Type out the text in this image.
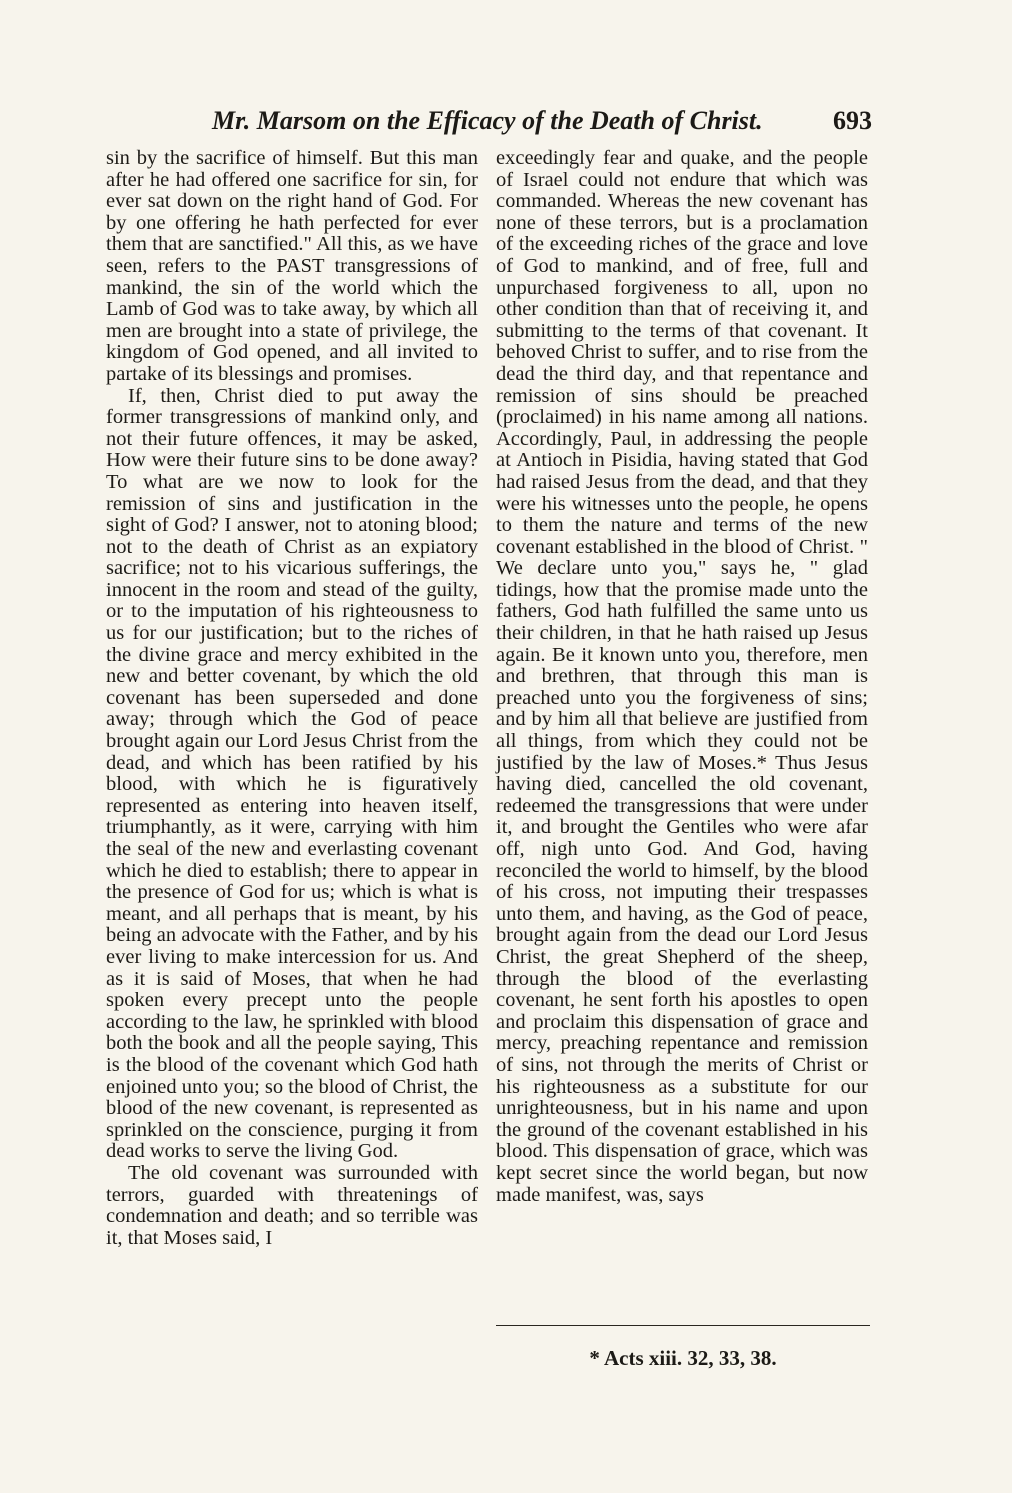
Mr. Marsom on the Efficacy of the Death of Christ.	693

sin by the sacrifice of himself. But this man after he had offered one sacrifice for sin, for ever sat down on the right hand of God. For by one offering he hath perfected for ever them that are sanctified." All this, as we have seen, refers to the PAST transgressions of mankind, the sin of the world which the Lamb of God was to take away, by which all men are brought into a state of privilege, the kingdom of God opened, and all invited to partake of its blessings and promises.

If, then, Christ died to put away the former transgressions of mankind only, and not their future offences, it may be asked, How were their future sins to be done away? To what are we now to look for the remission of sins and justification in the sight of God? I answer, not to atoning blood; not to the death of Christ as an expiatory sacrifice; not to his vicarious sufferings, the innocent in the room and stead of the guilty, or to the imputation of his righteousness to us for our justification; but to the riches of the divine grace and mercy exhibited in the new and better covenant, by which the old covenant has been superseded and done away; through which the God of peace brought again our Lord Jesus Christ from the dead, and which has been ratified by his blood, with which he is figuratively represented as entering into heaven itself, triumphantly, as it were, carrying with him the seal of the new and everlasting covenant which he died to establish; there to appear in the presence of God for us; which is what is meant, and all perhaps that is meant, by his being an advocate with the Father, and by his ever living to make intercession for us. And as it is said of Moses, that when he had spoken every precept unto the people according to the law, he sprinkled with blood both the book and all the people saying, This is the blood of the covenant which God hath enjoined unto you; so the blood of Christ, the blood of the new covenant, is represented as sprinkled on the conscience, purging it from dead works to serve the living God.

The old covenant was surrounded with terrors, guarded with threatenings of condemnation and death; and so terrible was it, that Moses said, I

exceedingly fear and quake, and the people of Israel could not endure that which was commanded. Whereas the new covenant has none of these terrors, but is a proclamation of the exceeding riches of the grace and love of God to mankind, and of free, full and unpurchased forgiveness to all, upon no other condition than that of receiving it, and submitting to the terms of that covenant. It behoved Christ to suffer, and to rise from the dead the third day, and that repentance and remission of sins should be preached (proclaimed) in his name among all nations. Accordingly, Paul, in addressing the people at Antioch in Pisidia, having stated that God had raised Jesus from the dead, and that they were his witnesses unto the people, he opens to them the nature and terms of the new covenant established in the blood of Christ. " We declare unto you," says he, " glad tidings, how that the promise made unto the fathers, God hath fulfilled the same unto us their children, in that he hath raised up Jesus again. Be it known unto you, therefore, men and brethren, that through this man is preached unto you the forgiveness of sins; and by him all that believe are justified from all things, from which they could not be justified by the law of Moses.* Thus Jesus having died, cancelled the old covenant, redeemed the transgressions that were under it, and brought the Gentiles who were afar off, nigh unto God. And God, having reconciled the world to himself, by the blood of his cross, not imputing their trespasses unto them, and having, as the God of peace, brought again from the dead our Lord Jesus Christ, the great Shepherd of the sheep, through the blood of the everlasting covenant, he sent forth his apostles to open and proclaim this dispensation of grace and mercy, preaching repentance and remission of sins, not through the merits of Christ or his righteousness as a substitute for our unrighteousness, but in his name and upon the ground of the covenant established in his blood. This dispensation of grace, which was kept secret since the world began, but now made manifest, was, says

* Acts xiii. 32, 33, 38.
